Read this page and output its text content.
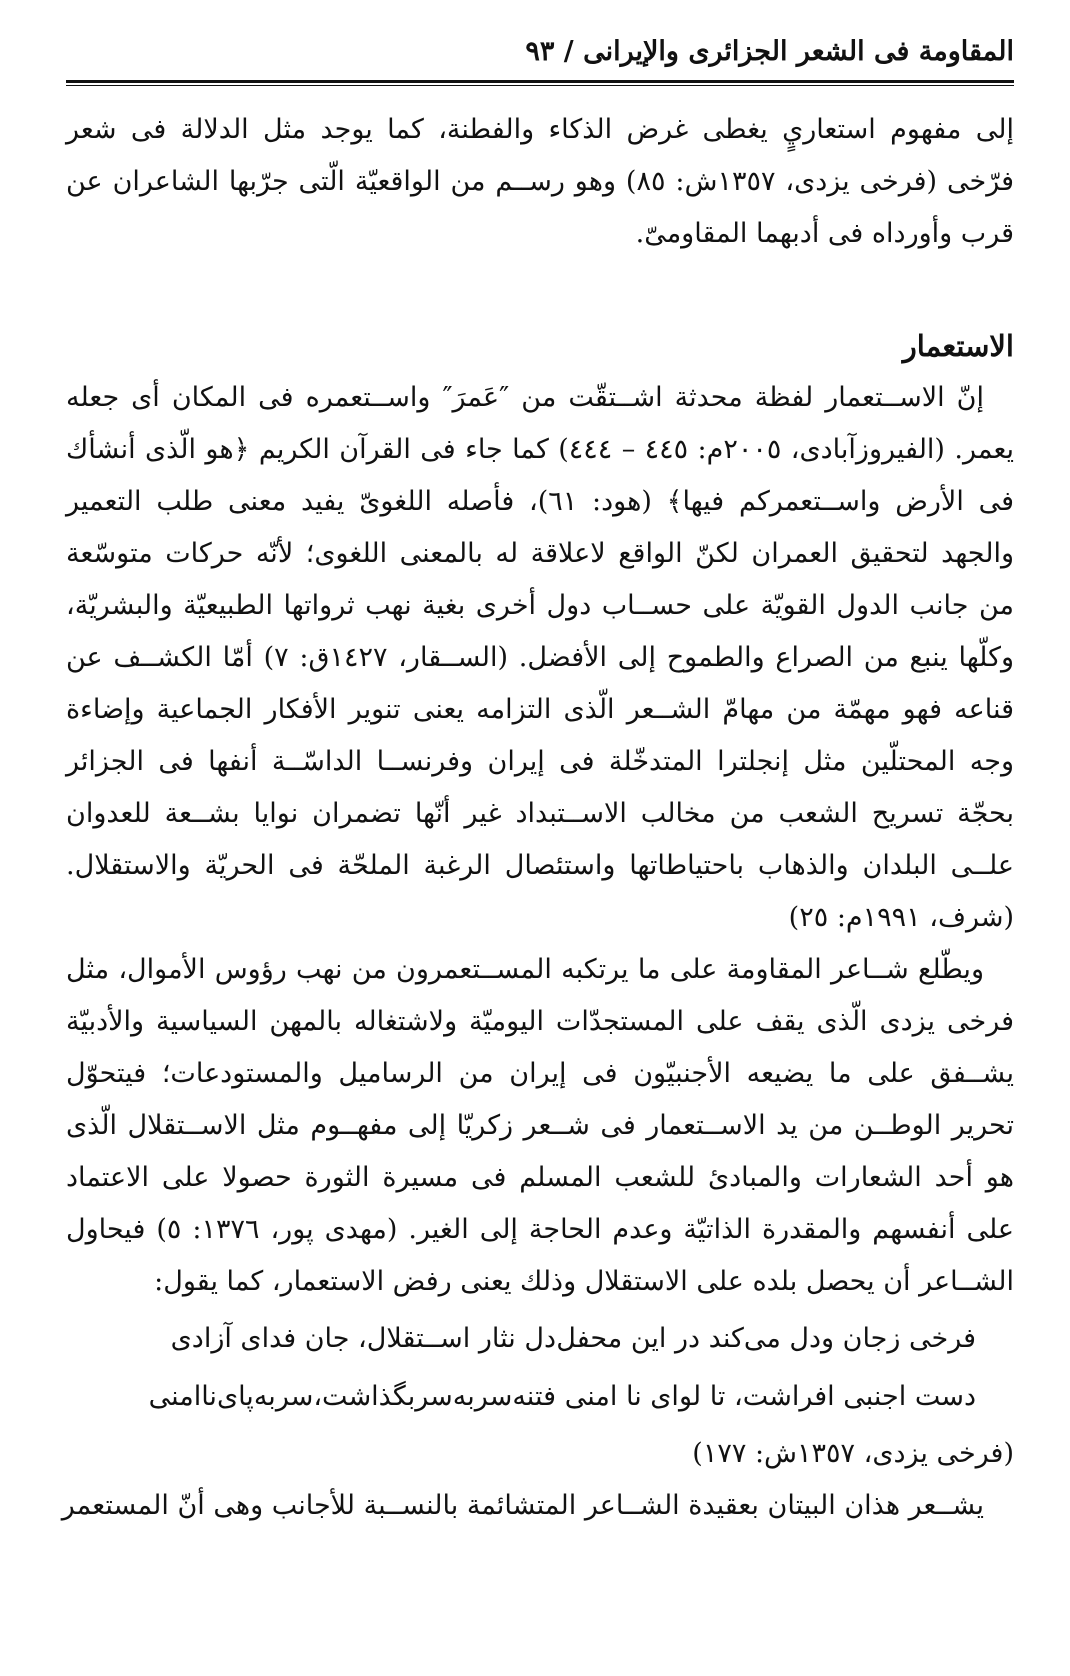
المقاومة فى الشعر الجزائرى والإيرانى / ٩٣

إلى مفهوم استعاريٍ يغطى غرض الذكاء والفطنة، كما يوجد مثل الدلالة فى شعر فرّخى (فرخى يزدى، ١٣٥٧ش: ٨٥) وهو رســم من الواقعيّة الّتى جرّبها الشاعران عن قرب وأورداه فى أدبهما المقاومىّ.

الاستعمار

إنّ الاســتعمار لفظة محدثة اشــتقّت من ″عَمرَ″ واســتعمره فى المكان أى جعله يعمر. (الفيروزآبادى، ٢٠٠٥م: ٤٤٥ – ٤٤٤) كما جاء فى القرآن الكريم ﴿هو الّذى أنشأك فى الأرض واســتعمركم فيها﴾ (هود: ٦١)، فأصله اللغوىّ يفيد معنى طلب التعمير والجهد لتحقيق العمران لكنّ الواقع لاعلاقة له بالمعنى اللغوى؛ لأنّه حركات متوسّعة من جانب الدول القويّة على حســاب دول أخرى بغية نهب ثرواتها الطبيعيّة والبشريّة، وكلّها ينبع من الصراع والطموح إلى الأفضل. (الســقار، ١٤٢٧ق: ٧) أمّا الكشــف عن قناعه فهو مهمّة من مهامّ الشــعر الّذى التزامه يعنى تنوير الأفكار الجماعية وإضاءة وجه المحتلّين مثل إنجلترا المتدخّلة فى إيران وفرنســا الداسّــة أنفها فى الجزائر بحجّة تسريح الشعب من مخالب الاســتبداد غير أنّها تضمران نوايا بشــعة للعدوان علــى البلدان والذهاب باحتياطاتها واستئصال الرغبة الملحّة فى الحريّة والاستقلال. (شرف، ١٩٩١م: ٢٥)

ويطّلع شــاعر المقاومة على ما يرتكبه المســتعمرون من نهب رؤوس الأموال، مثل فرخى يزدى الّذى يقف على المستجدّات اليوميّة ولاشتغاله بالمهن السياسية والأدبيّة يشــفق على ما يضيعه الأجنبيّون فى إيران من الرساميل والمستودعات؛ فيتحوّل تحرير الوطــن من يد الاســتعمار فى شــعر زكريّا إلى مفهــوم مثل الاســتقلال الّذى هو أحد الشعارات والمبادئ للشعب المسلم فى مسيرة الثورة حصولا على الاعتماد على أنفسهم والمقدرة الذاتيّة وعدم الحاجة إلى الغير. (مهدى پور، ١٣٧٦: ٥) فيحاول الشــاعر أن يحصل بلده على الاستقلال وذلك يعنى رفض الاستعمار، كما يقول:

فرخى زجان ودل مى‌كند در اين محفل
دل نثار اســتقلال، جان فداى آزادى
دست اجنبى افراشت، تا لواى نا امنى
فتنه‌سربه‌سربگذاشت،سربه‌پاى‌ناامنى
(فرخى يزدى، ١٣٥٧ش: ١٧٧)
يشــعر هذان البيتان بعقيدة الشــاعر المتشائمة بالنســبة للأجانب وهى أنّ المستعمر
